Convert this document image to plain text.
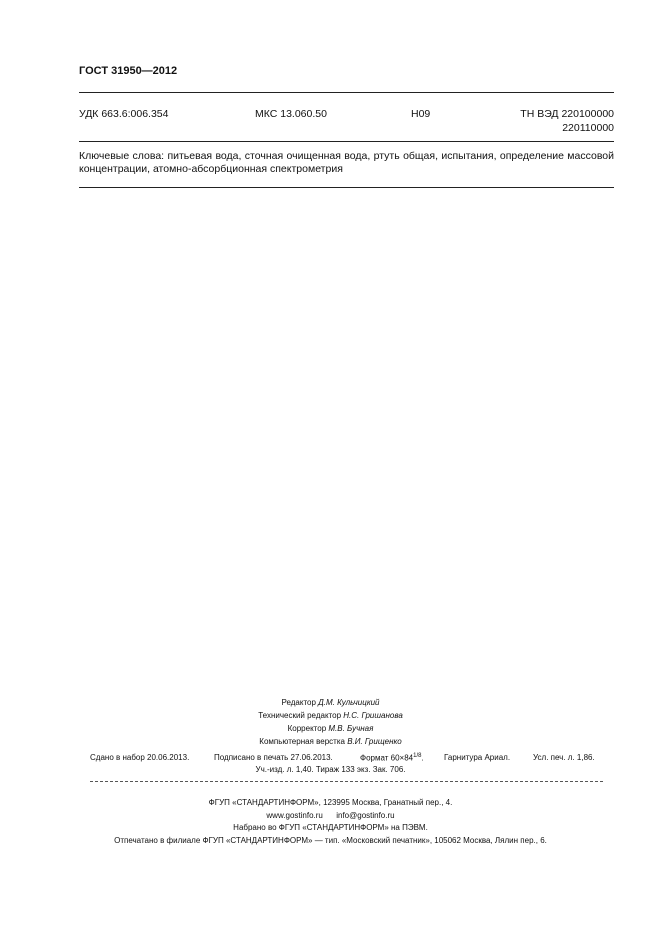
ГОСТ 31950—2012
УДК 663.6:006.354	МКС 13.060.50	Н09	ТН ВЭД 220100000
220110000
Ключевые слова: питьевая вода, сточная очищенная вода, ртуть общая, испытания, определение массовой концентрации, атомно-абсорбционная спектрометрия
Редактор Д.М. Кульчицкий
Технический редактор Н.С. Гришанова
Корректор М.В. Бучная
Компьютерная верстка В.И. Грищенко
Сдано в набор 20.06.2013.	Подписано в печать 27.06.2013.	Формат $60\times 84^{1/8}$.	Гарнитура Ариал.	Усл. печ. л. 1,86.
Уч.-изд. л. 1,40. Тираж 133 экз. Зак. 706.
ФГУП «СТАНДАРТИНФОРМ», 123995 Москва, Гранатный пер., 4.
www.gostinfo.ru info@gostinfo.ru
Набрано во ФГУП «СТАНДАРТИНФОРМ» на ПЭВМ.
Отпечатано в филиале ФГУП «СТАНДАРТИНФОРМ» — тип. «Московский печатник», 105062 Москва, Лялин пер., 6.
